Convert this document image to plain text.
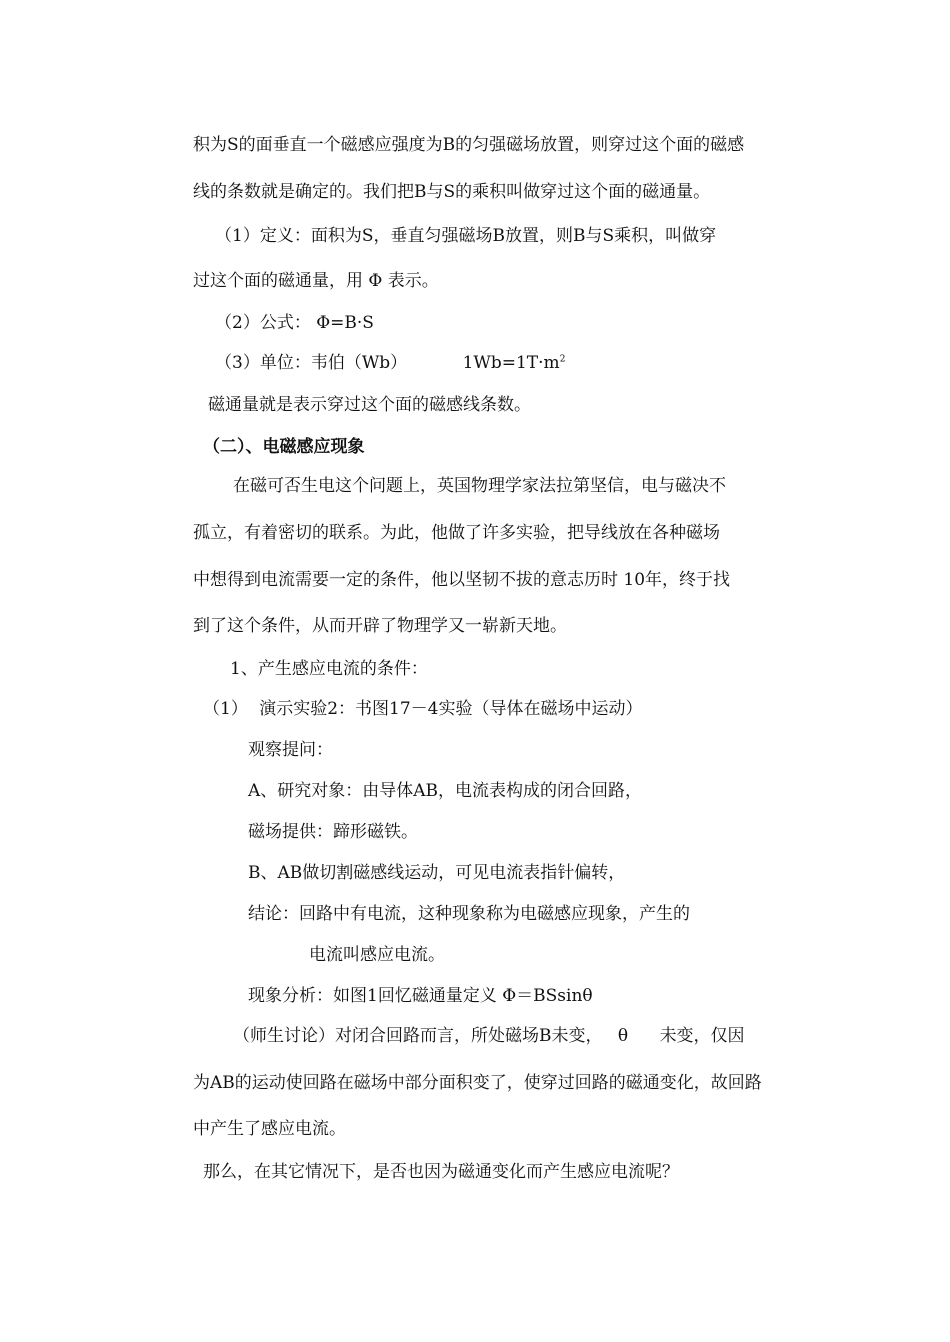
积为S的面垂直一个磁感应强度为B的匀强磁场放置，则穿过这个面的磁感
线的条数就是确定的。我们把B与S的乘积叫做穿过这个面的磁通量。
（1）定义：面积为S，垂直匀强磁场B放置，则B与S乘积，叫做穿
过这个面的磁通量，用 Φ 表示。
（2）公式： Φ=B·S
（3）单位：韦伯（Wb）	$1Wb=1T\cdot m^2$
磁通量就是表示穿过这个面的磁感线条数。
（二）、电磁感应现象
在磁可否生电这个问题上，英国物理学家法拉第坚信，电与磁决不
孤立，有着密切的联系。为此，他做了许多实验，把导线放在各种磁场
中想得到电流需要一定的条件，他以坚韧不拔的意志历时 10年，终于找
到了这个条件，从而开辟了物理学又一崭新天地。
1、产生感应电流的条件：
（1） 演示实验2：书图17－4实验（导体在磁场中运动）
观察提问：
A、研究对象：由导体AB，电流表构成的闭合回路，
磁场提供：蹄形磁铁。
B、AB做切割磁感线运动，可见电流表指针偏转，
结论：回路中有电流，这种现象称为电磁感应现象，产生的
电流叫感应电流。
现象分析：如图1回忆磁通量定义 Φ＝BSsinθ
（师生讨论）对闭合回路而言，所处磁场B未变， θ 未变，仅因
为AB的运动使回路在磁场中部分面积变了，使穿过回路的磁通变化，故回路
中产生了感应电流。
那么，在其它情况下，是否也因为磁通变化而产生感应电流呢？
